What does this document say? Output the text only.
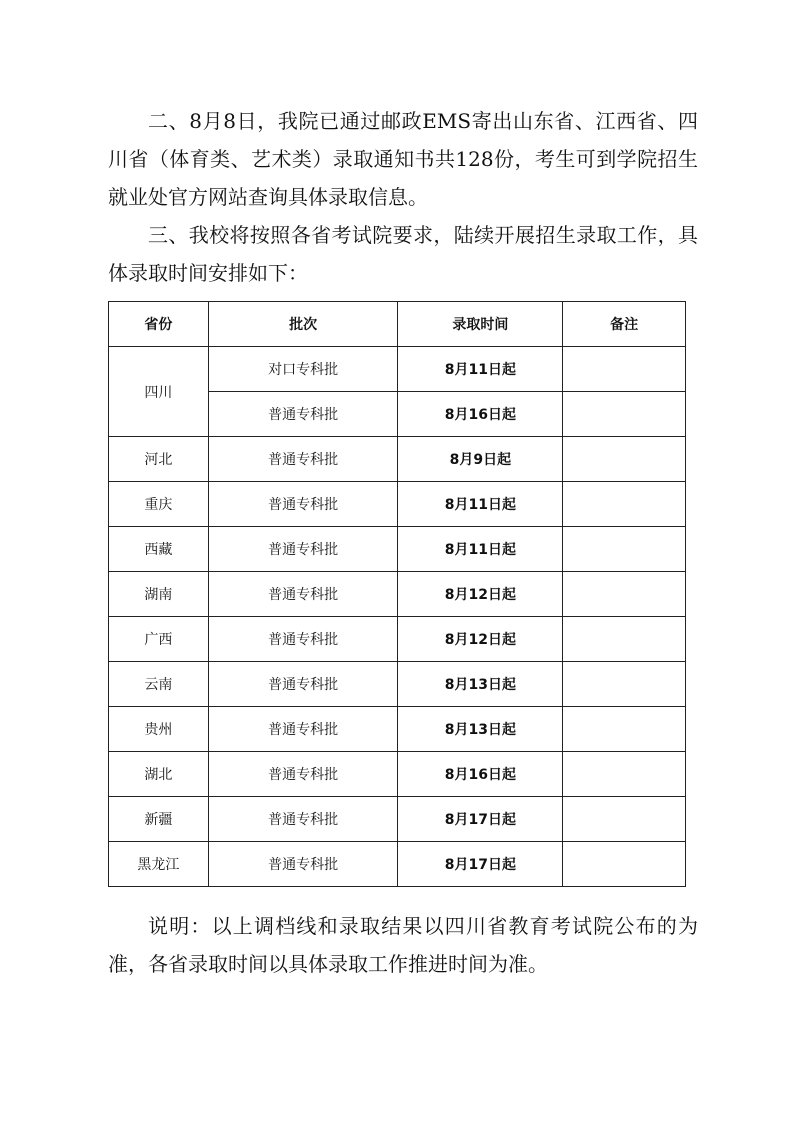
二、8月8日，我院已通过邮政EMS寄出山东省、江西省、四川省（体育类、艺术类）录取通知书共128份，考生可到学院招生就业处官方网站查询具体录取信息。

三、我校将按照各省考试院要求，陆续开展招生录取工作，具体录取时间安排如下：

省份	批次	录取时间	备注
四川	对口专科批	8月11日起	
	普通专科批	8月16日起	
河北	普通专科批	8月9日起	
重庆	普通专科批	8月11日起	
西藏	普通专科批	8月11日起	
湖南	普通专科批	8月12日起	
广西	普通专科批	8月12日起	
云南	普通专科批	8月13日起	
贵州	普通专科批	8月13日起	
湖北	普通专科批	8月16日起	
新疆	普通专科批	8月17日起	
黑龙江	普通专科批	8月17日起	

说明：以上调档线和录取结果以四川省教育考试院公布的为准，各省录取时间以具体录取工作推进时间为准。
